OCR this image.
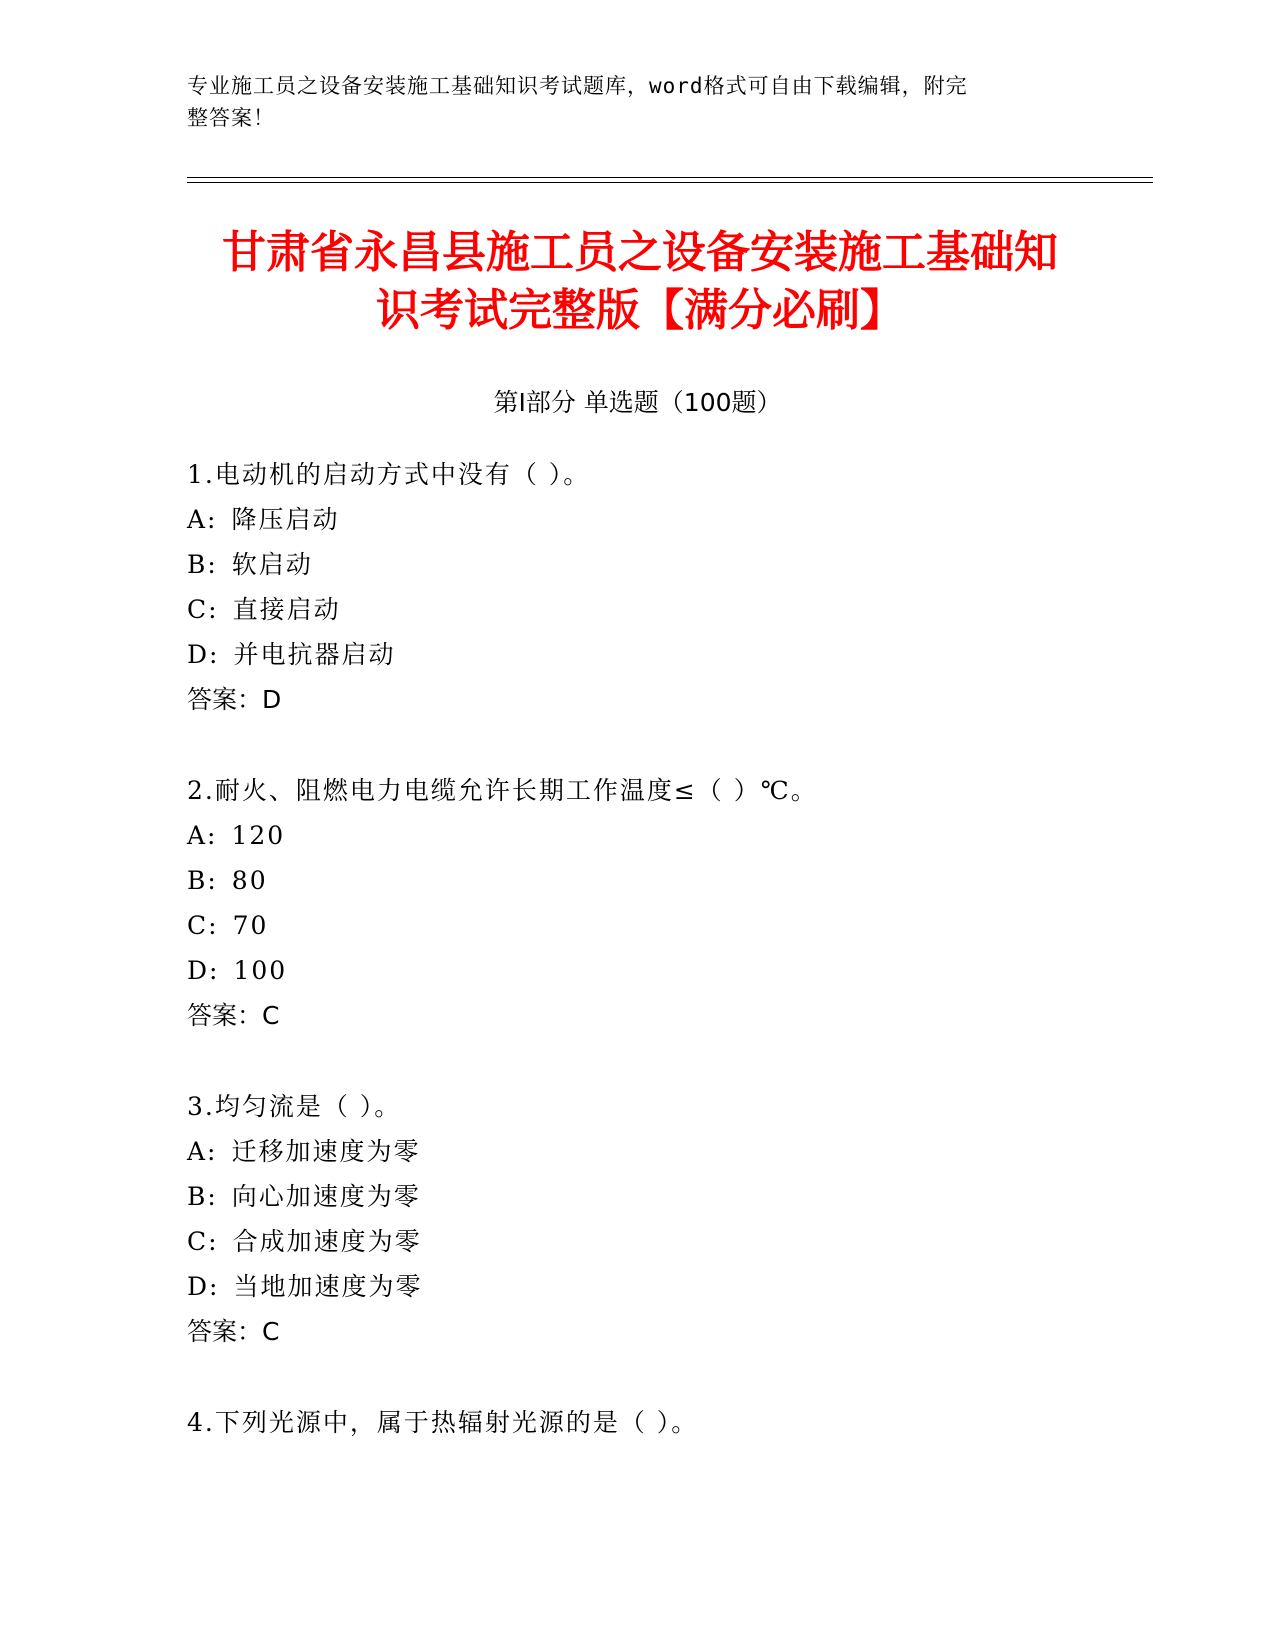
专业施工员之设备安装施工基础知识考试题库，word格式可自由下载编辑，附完
整答案！
甘肃省永昌县施工员之设备安装施工基础知
识考试完整版【满分必刷】
第Ⅰ部分 单选题（100题）
1.电动机的启动方式中没有（ ）。
A: 降压启动
B: 软启动
C: 直接启动
D: 并电抗器启动
答案：D
2.耐火、阻燃电力电缆允许长期工作温度≤（ ）℃。
A: 120
B: 80
C: 70
D: 100
答案：C
3.均匀流是（ ）。
A: 迁移加速度为零
B: 向心加速度为零
C: 合成加速度为零
D: 当地加速度为零
答案：C
4.下列光源中，属于热辐射光源的是（ ）。
